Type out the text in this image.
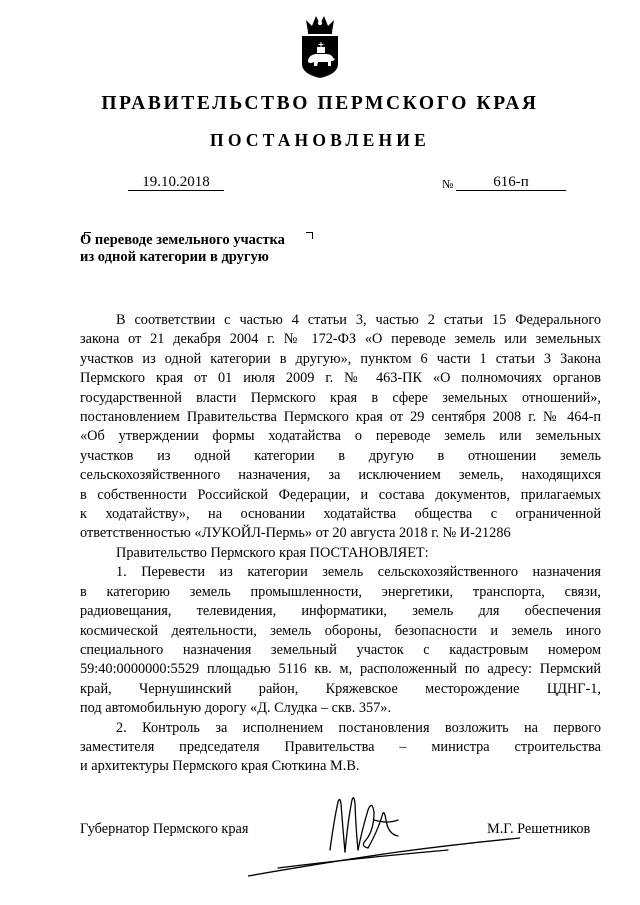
ПРАВИТЕЛЬСТВО ПЕРМСКОГО КРАЯ
ПОСТАНОВЛЕНИЕ
19.10.2018	№	616-п
О переводе земельного участка
из одной категории в другую

В соответствии с частью 4 статьи 3, частью 2 статьи 15 Федерального

закона от 21 декабря 2004 г. № 172-ФЗ «О переводе земель или земельных

участков из одной категории в другую», пунктом 6 части 1 статьи 3 Закона

Пермского края от 01 июля 2009 г. № 463-ПК «О полномочиях органов

государственной власти Пермского края в сфере земельных отношений»,

постановлением Правительства Пермского края от 29 сентября 2008 г. № 464-п

«Об утверждении формы ходатайства о переводе земель или земельных

участков из одной категории в другую в отношении земель

сельскохозяйственного назначения, за исключением земель, находящихся

в собственности Российской Федерации, и состава документов, прилагаемых

к ходатайству», на основании ходатайства общества с ограниченной

ответственностью «ЛУКОЙЛ-Пермь» от 20 августа 2018 г. № И-21286

Правительство Пермского края ПОСТАНОВЛЯЕТ:

1. Перевести из категории земель сельскохозяйственного назначения

в категорию земель промышленности, энергетики, транспорта, связи,

радиовещания, телевидения, информатики, земель для обеспечения

космической деятельности, земель обороны, безопасности и земель иного

специального назначения земельный участок с кадастровым номером

59:40:0000000:5529 площадью 5116 кв. м, расположенный по адресу: Пермский

край, Чернушинский район, Кряжевское месторождение ЦДНГ-1,

под автомобильную дорогу «Д. Слудка – скв. 357».

2. Контроль за исполнением постановления возложить на первого

заместителя председателя Правительства – министра строительства

и архитектуры Пермского края Сюткина М.В.

Губернатор Пермского края	М.Г. Решетников
